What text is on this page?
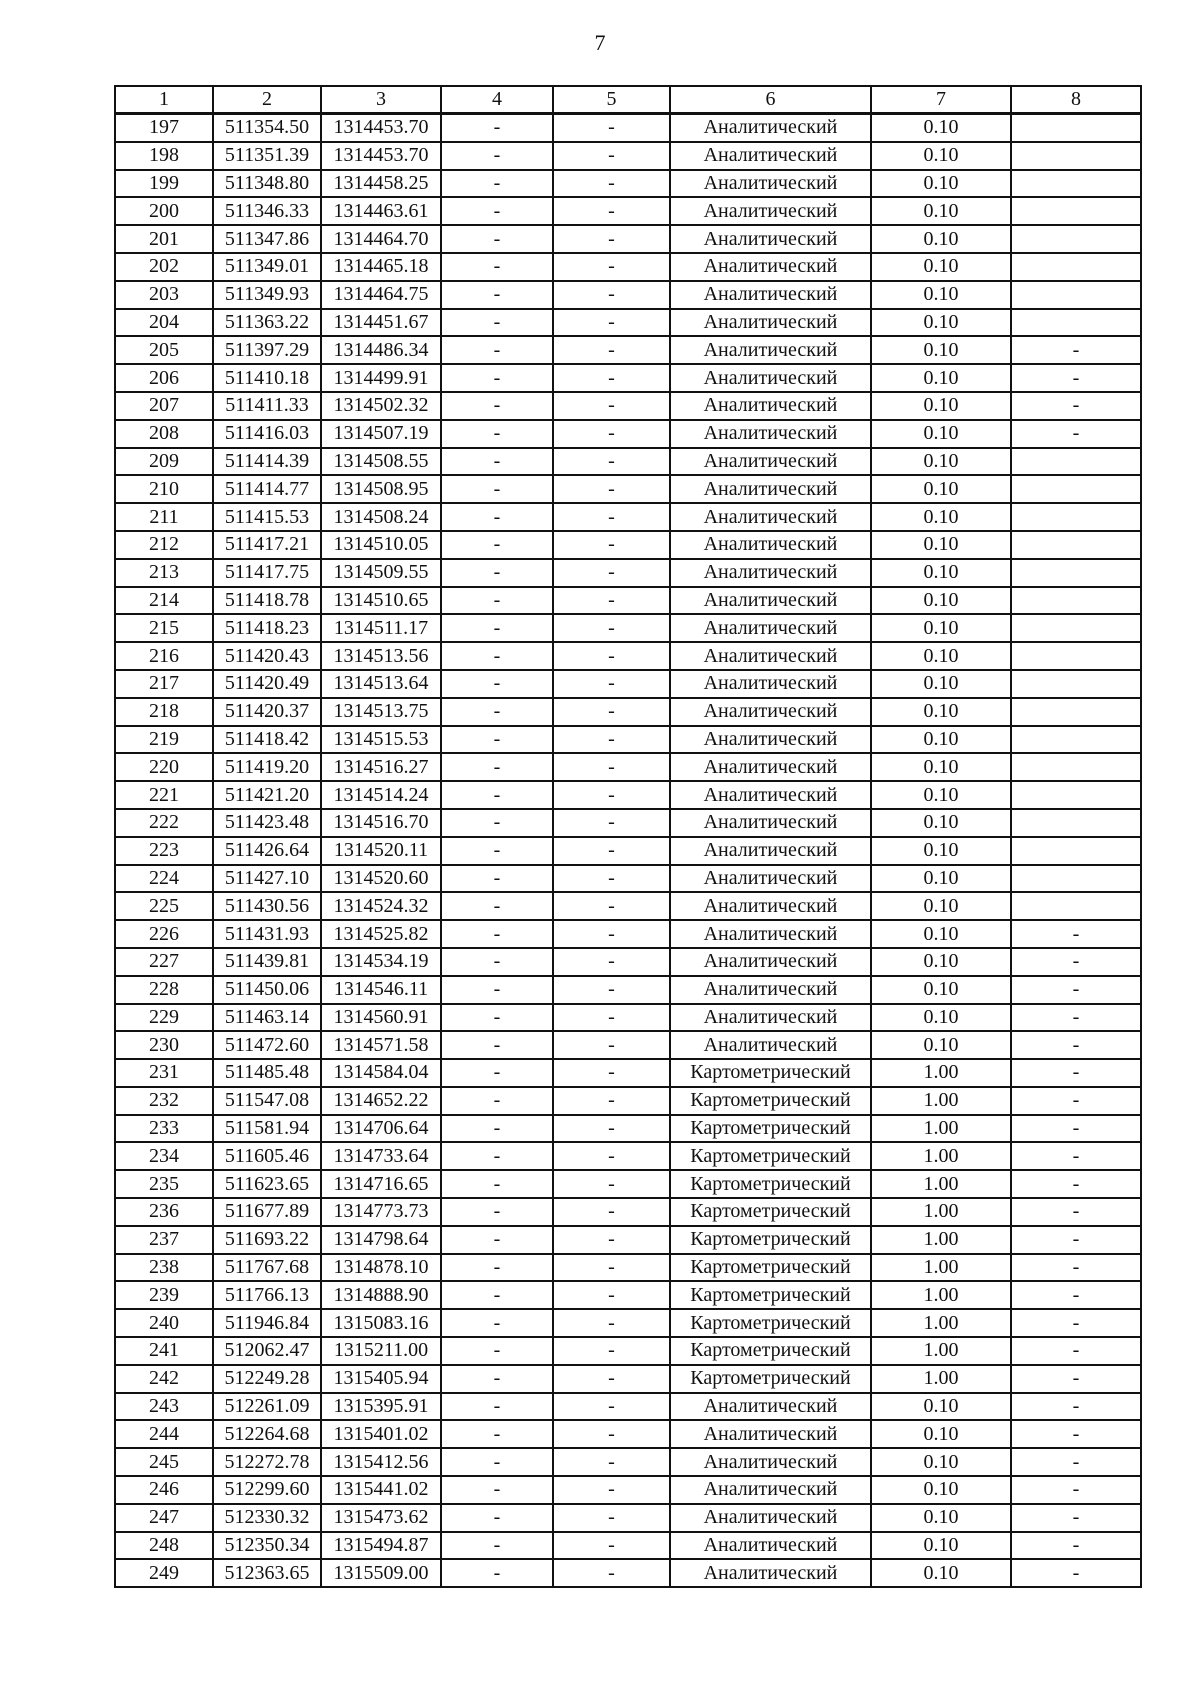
7
1	2	3	4	5	6	7	8
197	511354.50	1314453.70	-	-	Аналитический	0.10	
198	511351.39	1314453.70	-	-	Аналитический	0.10	
199	511348.80	1314458.25	-	-	Аналитический	0.10	
200	511346.33	1314463.61	-	-	Аналитический	0.10	
201	511347.86	1314464.70	-	-	Аналитический	0.10	
202	511349.01	1314465.18	-	-	Аналитический	0.10	
203	511349.93	1314464.75	-	-	Аналитический	0.10	
204	511363.22	1314451.67	-	-	Аналитический	0.10	
205	511397.29	1314486.34	-	-	Аналитический	0.10	-
206	511410.18	1314499.91	-	-	Аналитический	0.10	-
207	511411.33	1314502.32	-	-	Аналитический	0.10	-
208	511416.03	1314507.19	-	-	Аналитический	0.10	-
209	511414.39	1314508.55	-	-	Аналитический	0.10	
210	511414.77	1314508.95	-	-	Аналитический	0.10	
211	511415.53	1314508.24	-	-	Аналитический	0.10	
212	511417.21	1314510.05	-	-	Аналитический	0.10	
213	511417.75	1314509.55	-	-	Аналитический	0.10	
214	511418.78	1314510.65	-	-	Аналитический	0.10	
215	511418.23	1314511.17	-	-	Аналитический	0.10	
216	511420.43	1314513.56	-	-	Аналитический	0.10	
217	511420.49	1314513.64	-	-	Аналитический	0.10	
218	511420.37	1314513.75	-	-	Аналитический	0.10	
219	511418.42	1314515.53	-	-	Аналитический	0.10	
220	511419.20	1314516.27	-	-	Аналитический	0.10	
221	511421.20	1314514.24	-	-	Аналитический	0.10	
222	511423.48	1314516.70	-	-	Аналитический	0.10	
223	511426.64	1314520.11	-	-	Аналитический	0.10	
224	511427.10	1314520.60	-	-	Аналитический	0.10	
225	511430.56	1314524.32	-	-	Аналитический	0.10	
226	511431.93	1314525.82	-	-	Аналитический	0.10	-
227	511439.81	1314534.19	-	-	Аналитический	0.10	-
228	511450.06	1314546.11	-	-	Аналитический	0.10	-
229	511463.14	1314560.91	-	-	Аналитический	0.10	-
230	511472.60	1314571.58	-	-	Аналитический	0.10	-
231	511485.48	1314584.04	-	-	Картометрический	1.00	-
232	511547.08	1314652.22	-	-	Картометрический	1.00	-
233	511581.94	1314706.64	-	-	Картометрический	1.00	-
234	511605.46	1314733.64	-	-	Картометрический	1.00	-
235	511623.65	1314716.65	-	-	Картометрический	1.00	-
236	511677.89	1314773.73	-	-	Картометрический	1.00	-
237	511693.22	1314798.64	-	-	Картометрический	1.00	-
238	511767.68	1314878.10	-	-	Картометрический	1.00	-
239	511766.13	1314888.90	-	-	Картометрический	1.00	-
240	511946.84	1315083.16	-	-	Картометрический	1.00	-
241	512062.47	1315211.00	-	-	Картометрический	1.00	-
242	512249.28	1315405.94	-	-	Картометрический	1.00	-
243	512261.09	1315395.91	-	-	Аналитический	0.10	-
244	512264.68	1315401.02	-	-	Аналитический	0.10	-
245	512272.78	1315412.56	-	-	Аналитический	0.10	-
246	512299.60	1315441.02	-	-	Аналитический	0.10	-
247	512330.32	1315473.62	-	-	Аналитический	0.10	-
248	512350.34	1315494.87	-	-	Аналитический	0.10	-
249	512363.65	1315509.00	-	-	Аналитический	0.10	-
